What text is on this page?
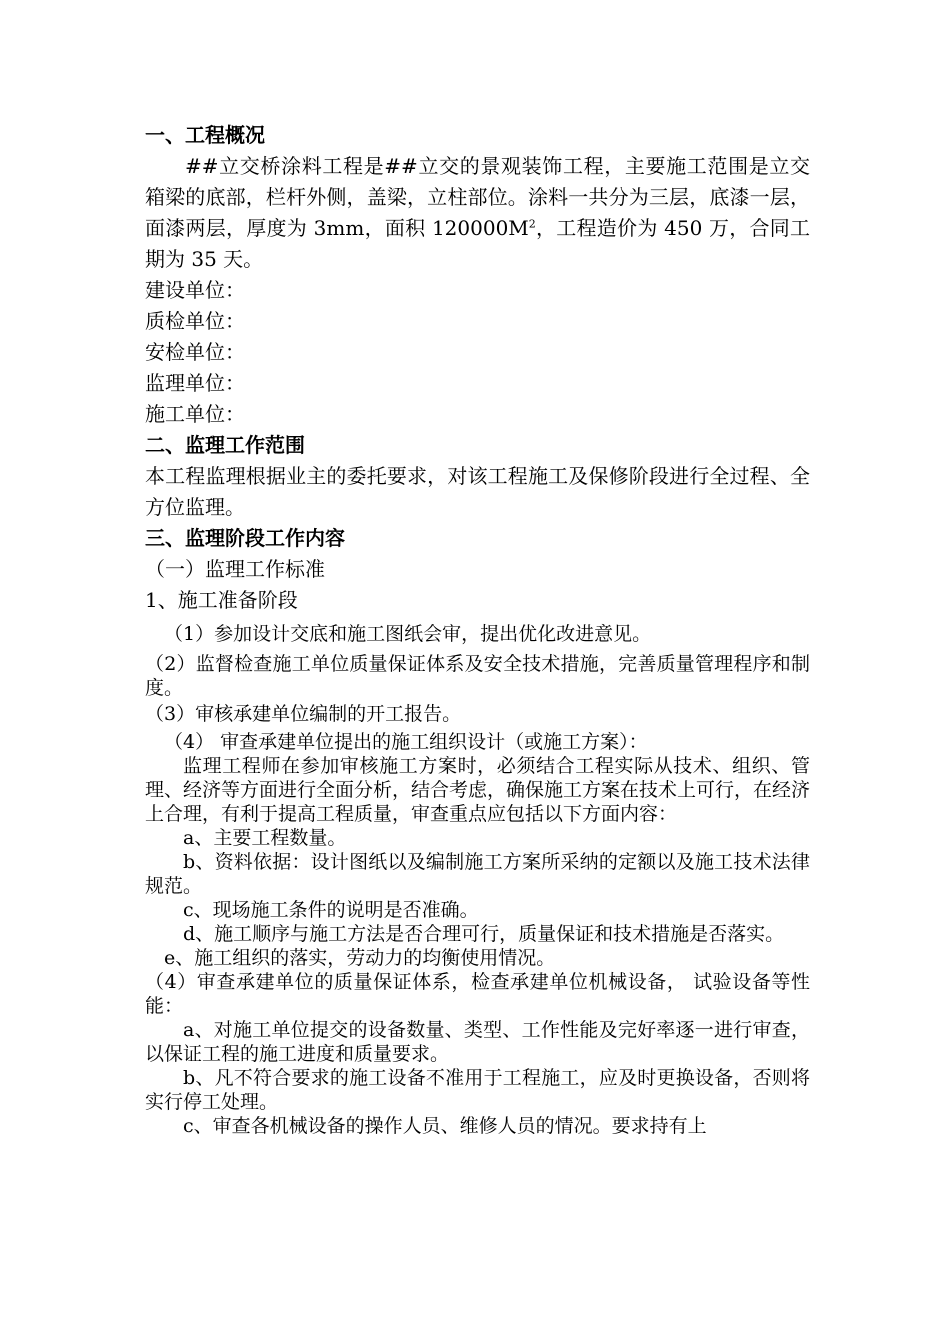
一、工程概况

##立交桥涂料工程是##立交的景观装饰工程，主要施工范围是立交箱梁的底部，栏杆外侧，盖梁，立柱部位。涂料一共分为三层，底漆一层，面漆两层，厚度为 3mm，面积 $120000M^2$，工程造价为 450 万，合同工期为 35 天。

建设单位：

质检单位：

安检单位：

监理单位：

施工单位：

二、监理工作范围

本工程监理根据业主的委托要求，对该工程施工及保修阶段进行全过程、全方位监理。

三、监理阶段工作内容

（一）监理工作标准

1、施工准备阶段

（1）参加设计交底和施工图纸会审，提出优化改进意见。

（2）监督检查施工单位质量保证体系及安全技术措施，完善质量管理程序和制度。

（3）审核承建单位编制的开工报告。

（4） 审查承建单位提出的施工组织设计（或施工方案）：

监理工程师在参加审核施工方案时，必须结合工程实际从技术、组织、管理、经济等方面进行全面分析，结合考虑，确保施工方案在技术上可行，在经济上合理，有利于提高工程质量，审查重点应包括以下方面内容：

a、主要工程数量。

b、资料依据：设计图纸以及编制施工方案所采纳的定额以及施工技术法律规范。

c、现场施工条件的说明是否准确。

d、施工顺序与施工方法是否合理可行，质量保证和技术措施是否落实。

e、施工组织的落实，劳动力的均衡使用情况。

（4）审查承建单位的质量保证体系，检查承建单位机械设备， 试验设备等性能：

a、对施工单位提交的设备数量、类型、工作性能及完好率逐一进行审查，以保证工程的施工进度和质量要求。

b、凡不符合要求的施工设备不准用于工程施工，应及时更换设备，否则将实行停工处理。

c、审查各机械设备的操作人员、维修人员的情况。要求持有上
